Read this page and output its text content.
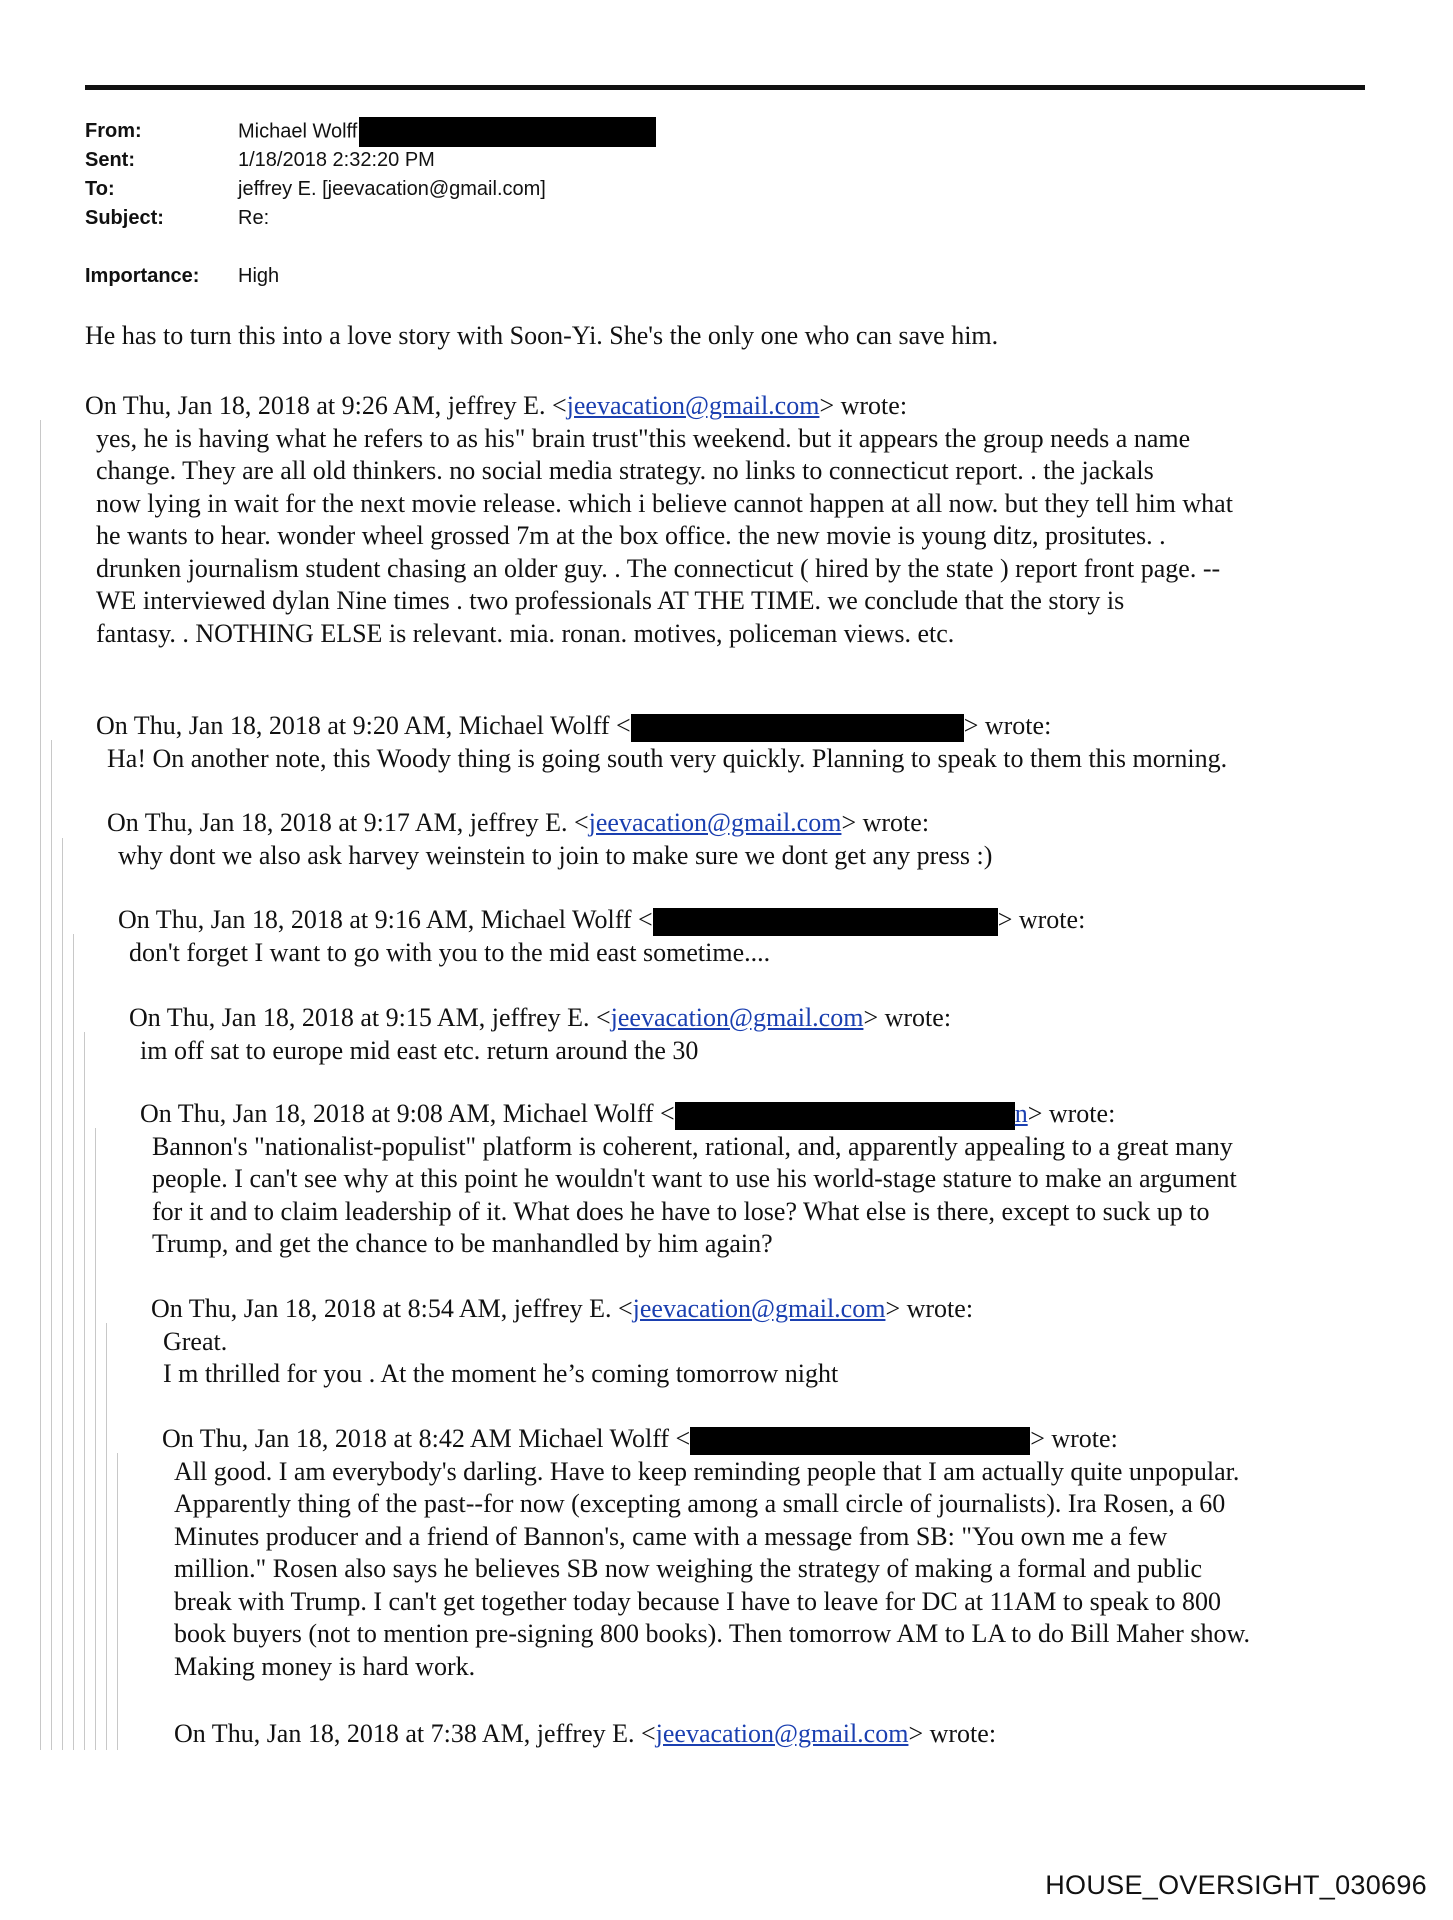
From:	Michael Wolff
Sent:	1/18/2018 2:32:20 PM
To:	jeffrey E. [jeevacation@gmail.com]
Subject:	Re:
Importance:	High
He has to turn this into a love story with Soon-Yi. She's the only one who can save him.
HOUSE_OVERSIGHT_030696
On Thu, Jan 18, 2018 at 9:26 AM, jeffrey E. <jeevacation@gmail.com> wrote:
yes, he is having what he refers to as his" brain trust"this weekend. but it appears the group needs a name
change. They are all old thinkers. no social media strategy. no links to connecticut report. . the jackals
now lying in wait for the next movie release. which i believe cannot happen at all now. but they tell him what
he wants to hear. wonder wheel grossed 7m at the box office. the new movie is young ditz, prositutes. .
drunken journalism student chasing an older guy. . The connecticut ( hired by the state ) report front page. --
WE interviewed dylan Nine times . two professionals AT THE TIME. we conclude that the story is
fantasy. . NOTHING ELSE is relevant. mia. ronan. motives, policeman views. etc.
On Thu, Jan 18, 2018 at 9:20 AM, Michael Wolff <	> wrote:
Ha! On another note, this Woody thing is going south very quickly. Planning to speak to them this morning.
On Thu, Jan 18, 2018 at 9:17 AM, jeffrey E. <jeevacation@gmail.com> wrote:
why dont we also ask harvey weinstein to join to make sure we dont get any press :)
On Thu, Jan 18, 2018 at 9:16 AM, Michael Wolff <	> wrote:
don't forget I want to go with you to the mid east sometime....
On Thu, Jan 18, 2018 at 9:15 AM, jeffrey E. <jeevacation@gmail.com> wrote:
im off sat to europe mid east etc. return around the 30
On Thu, Jan 18, 2018 at 9:08 AM, Michael Wolff <	n> wrote:
Bannon's "nationalist-populist" platform is coherent, rational, and, apparently appealing to a great many
people. I can't see why at this point he wouldn't want to use his world-stage stature to make an argument
for it and to claim leadership of it. What does he have to lose? What else is there, except to suck up to
Trump, and get the chance to be manhandled by him again?
On Thu, Jan 18, 2018 at 8:54 AM, jeffrey E. <jeevacation@gmail.com> wrote:
Great.
I m thrilled for you . At the moment he’s coming tomorrow night
On Thu, Jan 18, 2018 at 8:42 AM Michael Wolff <	> wrote:
All good. I am everybody's darling. Have to keep reminding people that I am actually quite unpopular.
Apparently thing of the past--for now (excepting among a small circle of journalists). Ira Rosen, a 60
Minutes producer and a friend of Bannon's, came with a message from SB: "You own me a few
million." Rosen also says he believes SB now weighing the strategy of making a formal and public
break with Trump. I can't get together today because I have to leave for DC at 11AM to speak to 800
book buyers (not to mention pre-signing 800 books). Then tomorrow AM to LA to do Bill Maher show.
Making money is hard work.
On Thu, Jan 18, 2018 at 7:38 AM, jeffrey E. <jeevacation@gmail.com> wrote:
